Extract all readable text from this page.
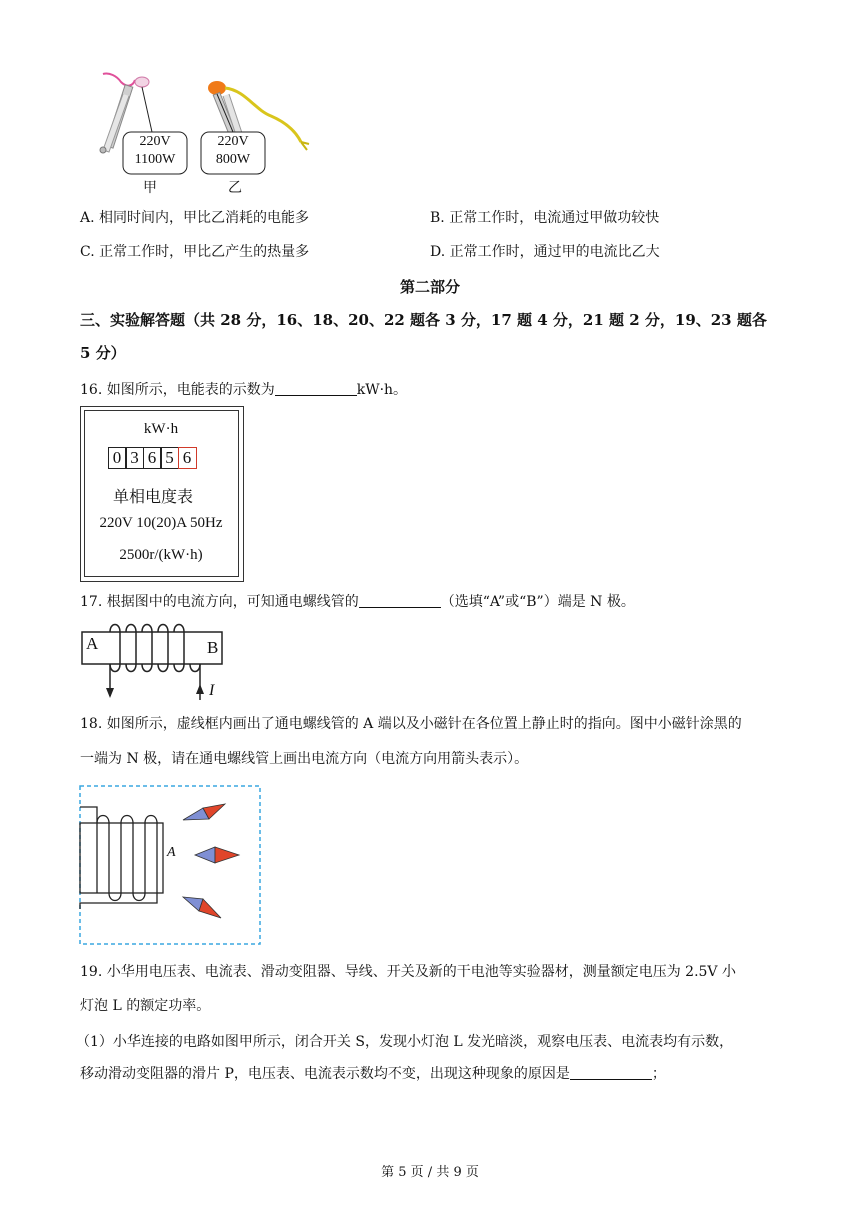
220V
1100W
220V
800W
甲	乙
A. 相同时间内，甲比乙消耗的电能多	B. 正常工作时，电流通过甲做功较快
C. 正常工作时，甲比乙产生的热量多	D. 正常工作时，通过甲的电流比乙大
第二部分
三、实验解答题（共 28 分，16、18、20、22 题各 3 分，17 题 4 分，21 题 2 分，19、23 题各
5 分）
16. 如图所示，电能表的示数为	kW·h。
kW·h
0 3 6 5 6
单相电度表
220V 10(20)A 50Hz
2500r/(kW·h)
17. 根据图中的电流方向，可知通电螺线管的	（选填“A”或“B”）端是 N 极。
A	B
I
18. 如图所示，虚线框内画出了通电螺线管的 A 端以及小磁针在各位置上静止时的指向。图中小磁针涂黑的
一端为 N 极，请在通电螺线管上画出电流方向（电流方向用箭头表示）。
A
19. 小华用电压表、电流表、滑动变阻器、导线、开关及新的干电池等实验器材，测量额定电压为 2.5V 小
灯泡 L 的额定功率。
（1）小华连接的电路如图甲所示，闭合开关 S，发现小灯泡 L 发光暗淡，观察电压表、电流表均有示数，
移动滑动变阻器的滑片 P，电压表、电流表示数均不变，出现这种现象的原因是	；
第 5 页 / 共 9 页
